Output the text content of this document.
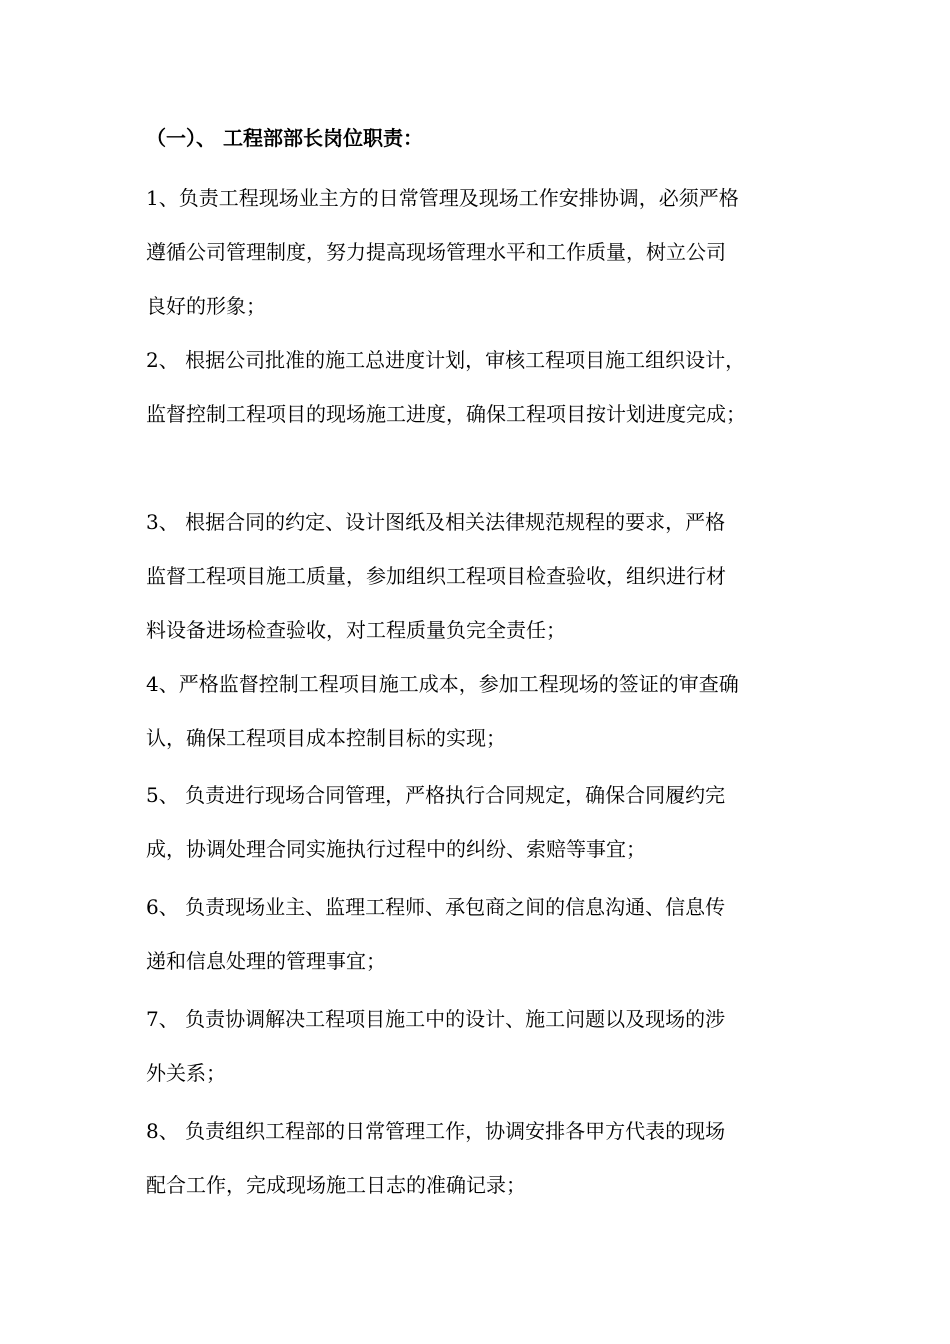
（一）、 工程部部长岗位职责：
1、负责工程现场业主方的日常管理及现场工作安排协调，必须严格
遵循公司管理制度，努力提高现场管理水平和工作质量，树立公司
良好的形象；
2、 根据公司批准的施工总进度计划，审核工程项目施工组织设计，
监督控制工程项目的现场施工进度，确保工程项目按计划进度完成；
3、 根据合同的约定、设计图纸及相关法律规范规程的要求，严格
监督工程项目施工质量，参加组织工程项目检查验收，组织进行材
料设备进场检查验收，对工程质量负完全责任；
4、严格监督控制工程项目施工成本，参加工程现场的签证的审查确
认，确保工程项目成本控制目标的实现；
5、 负责进行现场合同管理，严格执行合同规定，确保合同履约完
成，协调处理合同实施执行过程中的纠纷、索赔等事宜；
6、 负责现场业主、监理工程师、承包商之间的信息沟通、信息传
递和信息处理的管理事宜；
7、 负责协调解决工程项目施工中的设计、施工问题以及现场的涉
外关系；
8、 负责组织工程部的日常管理工作，协调安排各甲方代表的现场
配合工作，完成现场施工日志的准确记录；
